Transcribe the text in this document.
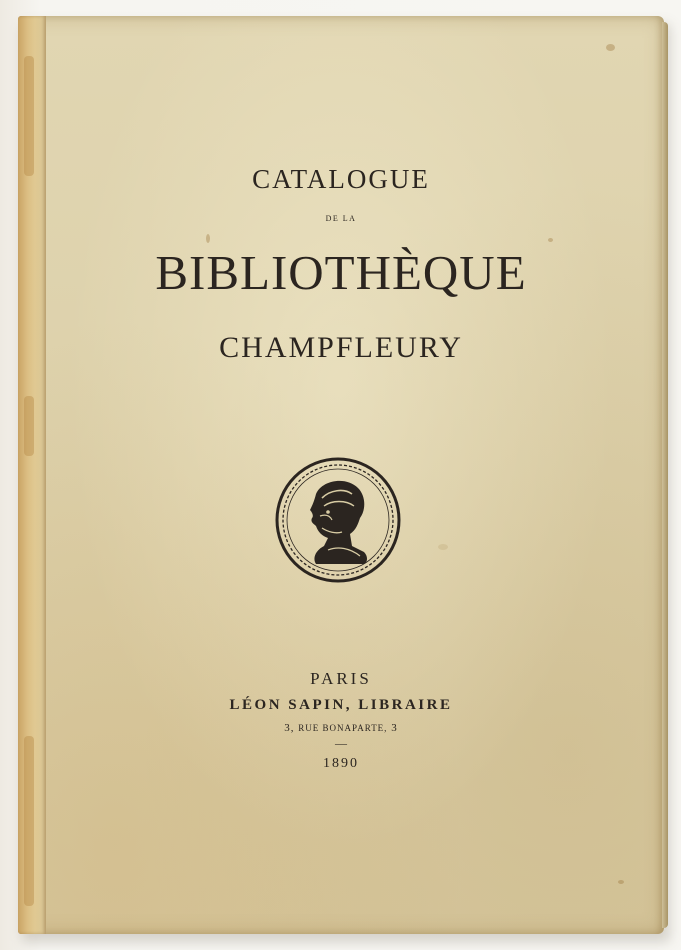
CATALOGUE
DE LA
BIBLIOTHÈQUE
CHAMPFLEURY
PARIS
LÉON SAPIN, LIBRAIRE
3, RUE BONAPARTE, 3
—
1890
